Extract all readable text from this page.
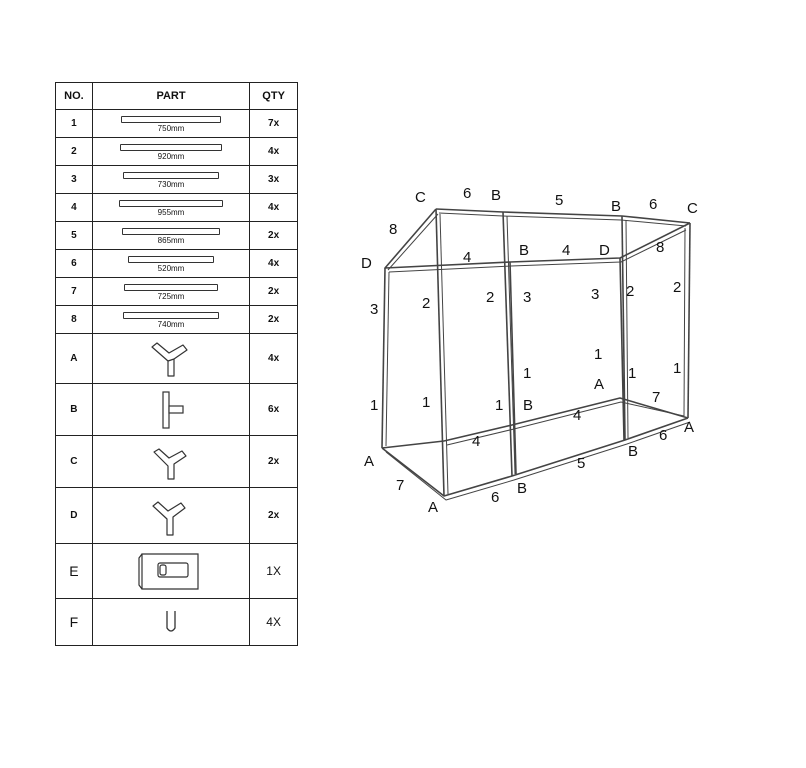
NO.	PART	QTY
1	750mm	7x
2	920mm	4x
3	730mm	3x
4	955mm	4x
5	865mm	2x
6	520mm	4x
7	725mm	2x
8	740mm	2x
A		4x
B		6x
C		2x
D		2x
E		1X
F		4X
C 6 B	5	B 6 C
8
4	B 4 D	8
D
3	2	2 3	3 2	2
1	1	1
1
1
1 1
B
A
7
4
4
A
6
B
5
B
6 A
7
A
